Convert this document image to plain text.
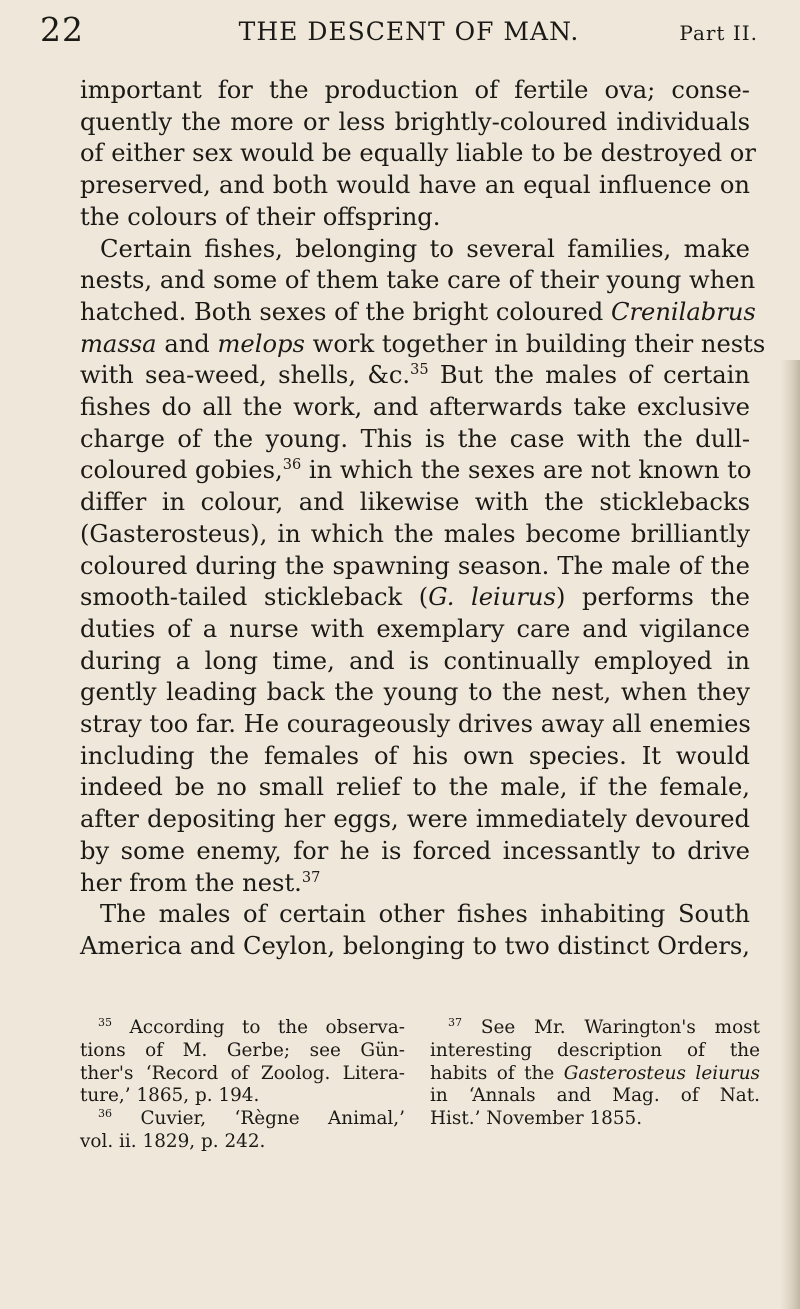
22	THE DESCENT OF MAN.	Part II.
important for the production of fertile ova; conse-
quently the more or less brightly-coloured individuals
of either sex would be equally liable to be destroyed or
preserved, and both would have an equal influence on
the colours of their offspring.
Certain fishes, belonging to several families, make
nests, and some of them take care of their young when
hatched. Both sexes of the bright coloured Crenilabrus
massa and melops work together in building their nests
with sea-weed, shells, &c.$^{35}$ But the males of certain
fishes do all the work, and afterwards take exclusive
charge of the young. This is the case with the dull-
coloured gobies,$^{36}$ in which the sexes are not known to
differ in colour, and likewise with the sticklebacks
(Gasterosteus), in which the males become brilliantly
coloured during the spawning season. The male of the
smooth-tailed stickleback (G. leiurus) performs the
duties of a nurse with exemplary care and vigilance
during a long time, and is continually employed in
gently leading back the young to the nest, when they
stray too far. He courageously drives away all enemies
including the females of his own species. It would
indeed be no small relief to the male, if the female,
after depositing her eggs, were immediately devoured
by some enemy, for he is forced incessantly to drive
her from the nest.$^{37}$
The males of certain other fishes inhabiting South
America and Ceylon, belonging to two distinct Orders,
$^{35}$ According to the observa-
tions of M. Gerbe; see Gün-
ther's ‘Record of Zoolog. Litera-
ture,’ 1865, p. 194.
$^{36}$ Cuvier, ‘Règne Animal,’
vol. ii. 1829, p. 242.
$^{37}$ See Mr. Warington's most
interesting description of the
habits of the Gasterosteus leiurus
in ‘Annals and Mag. of Nat.
Hist.’ November 1855.
